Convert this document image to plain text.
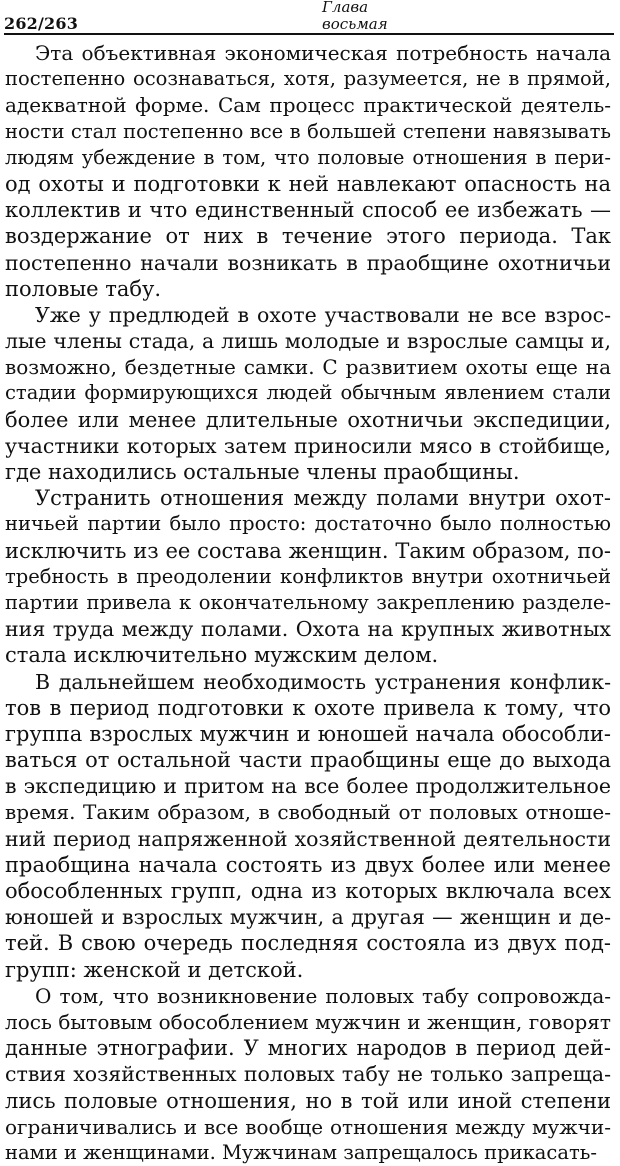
262/263
Глава
восьмая
Эта объективная экономическая потребность начала
постепенно осознаваться, хотя, разумеется, не в прямой,
адекватной форме. Сам процесс практической деятель-
ности стал постепенно все в большей степени навязывать
людям убеждение в том, что половые отношения в пери-
од охоты и подготовки к ней навлекают опасность на
коллектив и что единственный способ ее избежать —
воздержание от них в течение этого периода. Так
постепенно начали возникать в праобщине охотничьи
половые табу.
Уже у предлюдей в охоте участвовали не все взрос-
лые члены стада, а лишь молодые и взрослые самцы и,
возможно, бездетные самки. С развитием охоты еще на
стадии формирующихся людей обычным явлением стали
более или менее длительные охотничьи экспедиции,
участники которых затем приносили мясо в стойбище,
где находились остальные члены праобщины.
Устранить отношения между полами внутри охот-
ничьей партии было просто: достаточно было полностью
исключить из ее состава женщин. Таким образом, по-
требность в преодолении конфликтов внутри охотничьей
партии привела к окончательному закреплению разделе-
ния труда между полами. Охота на крупных животных
стала исключительно мужским делом.
В дальнейшем необходимость устранения конфлик-
тов в период подготовки к охоте привела к тому, что
группа взрослых мужчин и юношей начала обособли-
ваться от остальной части праобщины еще до выхода
в экспедицию и притом на все более продолжительное
время. Таким образом, в свободный от половых отноше-
ний период напряженной хозяйственной деятельности
праобщина начала состоять из двух более или менее
обособленных групп, одна из которых включала всех
юношей и взрослых мужчин, а другая — женщин и де-
тей. В свою очередь последняя состояла из двух под-
групп: женской и детской.
О том, что возникновение половых табу сопровожда-
лось бытовым обособлением мужчин и женщин, говорят
данные этнографии. У многих народов в период дей-
ствия хозяйственных половых табу не только запреща-
лись половые отношения, но в той или иной степени
ограничивались и все вообще отношения между мужчи-
нами и женщинами. Мужчинам запрещалось прикасать-
